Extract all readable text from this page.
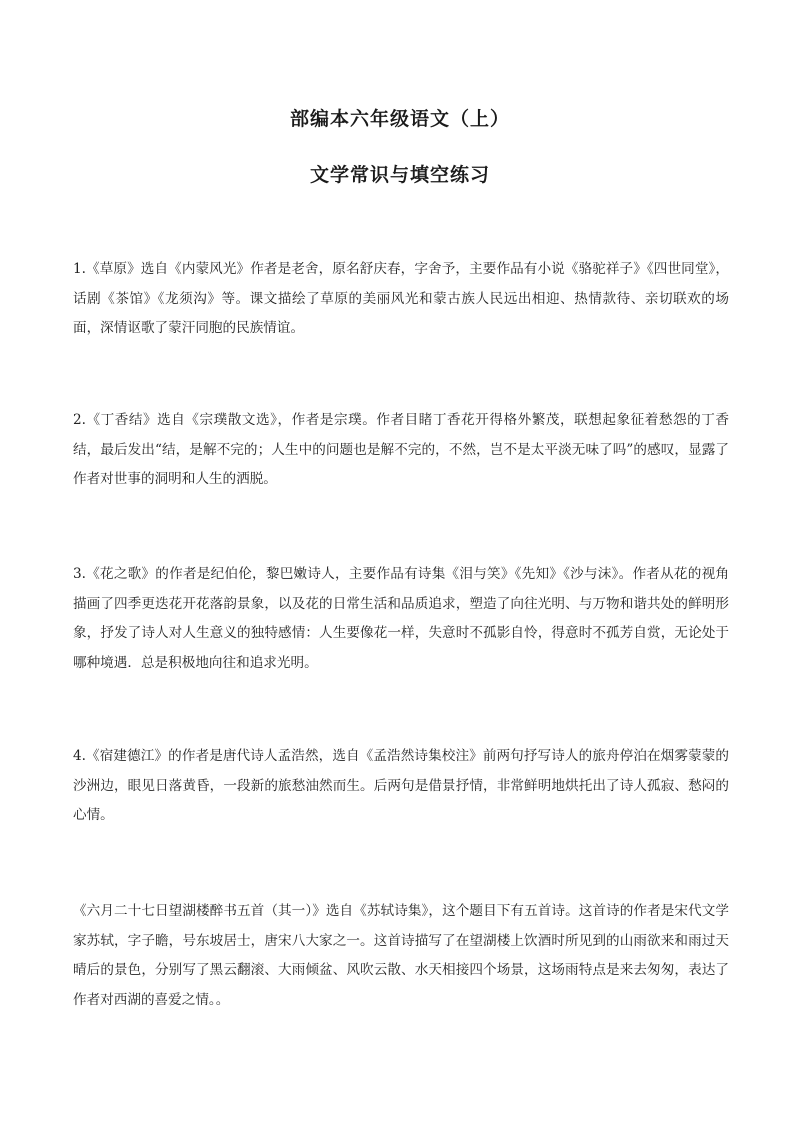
部编本六年级语文（上）
文学常识与填空练习

1.《草原》选自《内蒙风光》作者是老舍，原名舒庆春，字舍予，主要作品有小说《骆驼祥子》《四世同堂》，话剧《茶馆》《龙须沟》等。课文描绘了草原的美丽风光和蒙古族人民远出相迎、热情款待、亲切联欢的场面，深情讴歌了蒙汗同胞的民族情谊。

2.《丁香结》选自《宗璞散文选》，作者是宗璞。作者目睹丁香花开得格外繁茂，联想起象征着愁怨的丁香结，最后发出“结，是解不完的；人生中的问题也是解不完的，不然，岂不是太平淡无味了吗”的感叹，显露了作者对世事的洞明和人生的洒脱。

3.《花之歌》的作者是纪伯伦，黎巴嫩诗人，主要作品有诗集《泪与笑》《先知》《沙与沫》。作者从花的视角描画了四季更迭花开花落韵景象，以及花的日常生活和品质追求，塑造了向往光明、与万物和谐共处的鲜明形象，抒发了诗人对人生意义的独特感情：人生要像花一样，失意时不孤影自怜，得意时不孤芳自赏，无论处于哪种境遇．总是积极地向往和追求光明。

4.《宿建德江》的作者是唐代诗人孟浩然，选自《孟浩然诗集校注》前两句抒写诗人的旅舟停泊在烟雾蒙蒙的沙洲边，眼见日落黄昏，一段新的旅愁油然而生。后两句是借景抒情，非常鲜明地烘托出了诗人孤寂、愁闷的心情。

《六月二十七日望湖楼醉书五首（其一）》选自《苏轼诗集》，这个题目下有五首诗。这首诗的作者是宋代文学家苏轼，字子瞻，号东坡居士，唐宋八大家之一。这首诗描写了在望湖楼上饮酒时所见到的山雨欲来和雨过天晴后的景色，分别写了黑云翻滚、大雨倾盆、风吹云散、水天相接四个场景，这场雨特点是来去匆匆，表达了作者对西湖的喜爱之情。。
